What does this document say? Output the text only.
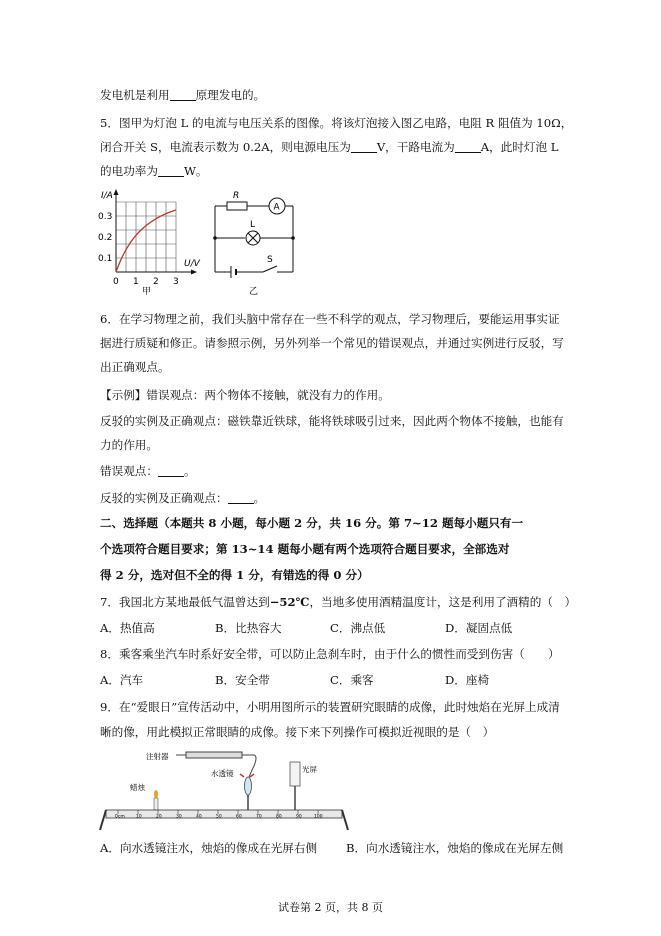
发电机是利用 原理发电的。
5．图甲为灯泡 L 的电流与电压关系的图像。将该灯泡接入图乙电路，电阻 R 阻值为 10Ω，
闭合开关 S，电流表示数为 0.2A，则电源电压为 V，干路电流为 A，此时灯泡 L
的电功率为 W。
I/A
U/V
0.3
0.2
0.1
0 1 2 3
甲
R
A
L
S
乙
6．在学习物理之前，我们头脑中常存在一些不科学的观点，学习物理后，要能运用事实证
据进行质疑和修正。请参照示例，另外列举一个常见的错误观点，并通过实例进行反驳，写
出正确观点。
【示例】错误观点：两个物体不接触，就没有力的作用。
反驳的实例及正确观点：磁铁靠近铁球，能将铁球吸引过来，因此两个物体不接触，也能有
力的作用。
错误观点： 。
反驳的实例及正确观点： 。
二、选择题（本题共 8 小题，每小题 2 分，共 16 分。第 7~12 题每小题只有一
个选项符合题目要求；第 13~14 题每小题有两个选项符合题目要求，全部选对
得 2 分，选对但不全的得 1 分，有错选的得 0 分）
7．我国北方某地最低气温曾达到−52℃，当地多使用酒精温度计，这是利用了酒精的（　）
A．热值高	B．比热容大	C．沸点低	D．凝固点低
8．乘客乘坐汽车时系好安全带，可以防止急刹车时，由于什么的惯性而受到伤害（　　）
A．汽车	B．安全带	C．乘客	D．座椅
9．在“爱眼日”宣传活动中，小明用图所示的装置研究眼睛的成像，此时烛焰在光屏上成清
晰的像，用此模拟正常眼睛的成像。接下来下列操作可模拟近视眼的是（　）
0cm	10	20	30	40	50	60	70	80	90	100
注射器
水透镜	光屏
蜡烛
A．向水透镜注水，烛焰的像成在光屏右侧 B．向水透镜注水，烛焰的像成在光屏左侧
试卷第 2 页，共 8 页
